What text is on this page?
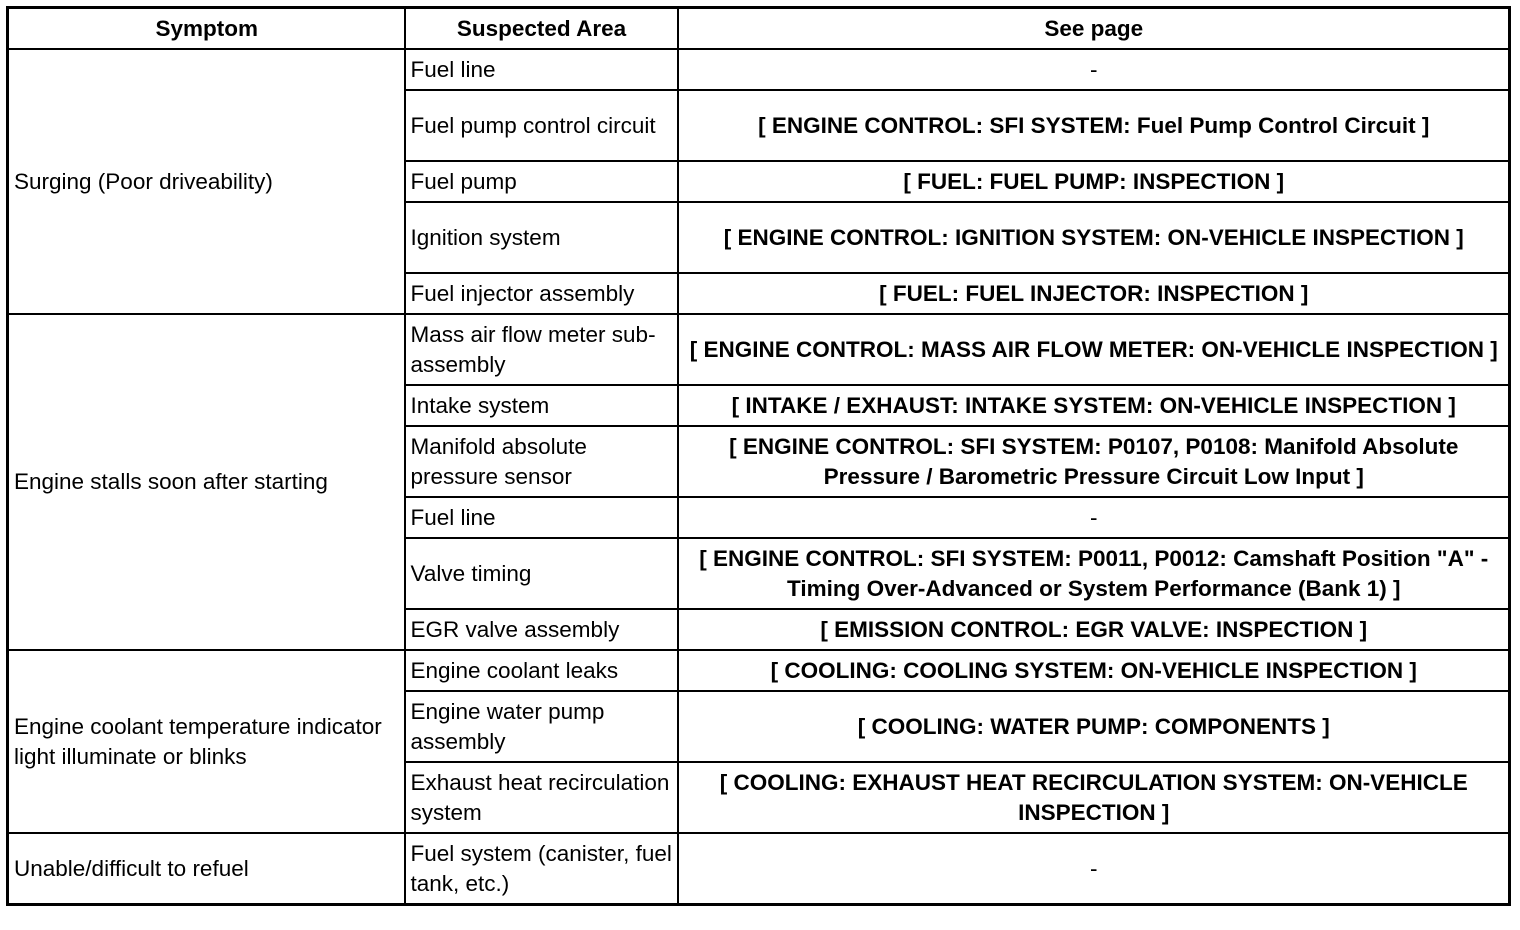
Symptom	Suspected Area	See page
Surging (Poor driveability)	Fuel line	-
	Fuel pump control circuit	[ ENGINE CONTROL: SFI SYSTEM: Fuel Pump Control Circuit ]
	Fuel pump	[ FUEL: FUEL PUMP: INSPECTION ]
	Ignition system	[ ENGINE CONTROL: IGNITION SYSTEM: ON-VEHICLE INSPECTION ]
	Fuel injector assembly	[ FUEL: FUEL INJECTOR: INSPECTION ]
Engine stalls soon after starting	Mass air flow meter sub-assembly	[ ENGINE CONTROL: MASS AIR FLOW METER: ON-VEHICLE INSPECTION ]
	Intake system	[ INTAKE / EXHAUST: INTAKE SYSTEM: ON-VEHICLE INSPECTION ]
	Manifold absolute pressure sensor	[ ENGINE CONTROL: SFI SYSTEM: P0107, P0108: Manifold Absolute Pressure / Barometric Pressure Circuit Low Input ]
	Fuel line	-
	Valve timing	[ ENGINE CONTROL: SFI SYSTEM: P0011, P0012: Camshaft Position "A" - Timing Over-Advanced or System Performance (Bank 1) ]
	EGR valve assembly	[ EMISSION CONTROL: EGR VALVE: INSPECTION ]
Engine coolant temperature indicator light illuminate or blinks	Engine coolant leaks	[ COOLING: COOLING SYSTEM: ON-VEHICLE INSPECTION ]
	Engine water pump assembly	[ COOLING: WATER PUMP: COMPONENTS ]
	Exhaust heat recirculation system	[ COOLING: EXHAUST HEAT RECIRCULATION SYSTEM: ON-VEHICLE INSPECTION ]
Unable/difficult to refuel	Fuel system (canister, fuel tank, etc.)	-
